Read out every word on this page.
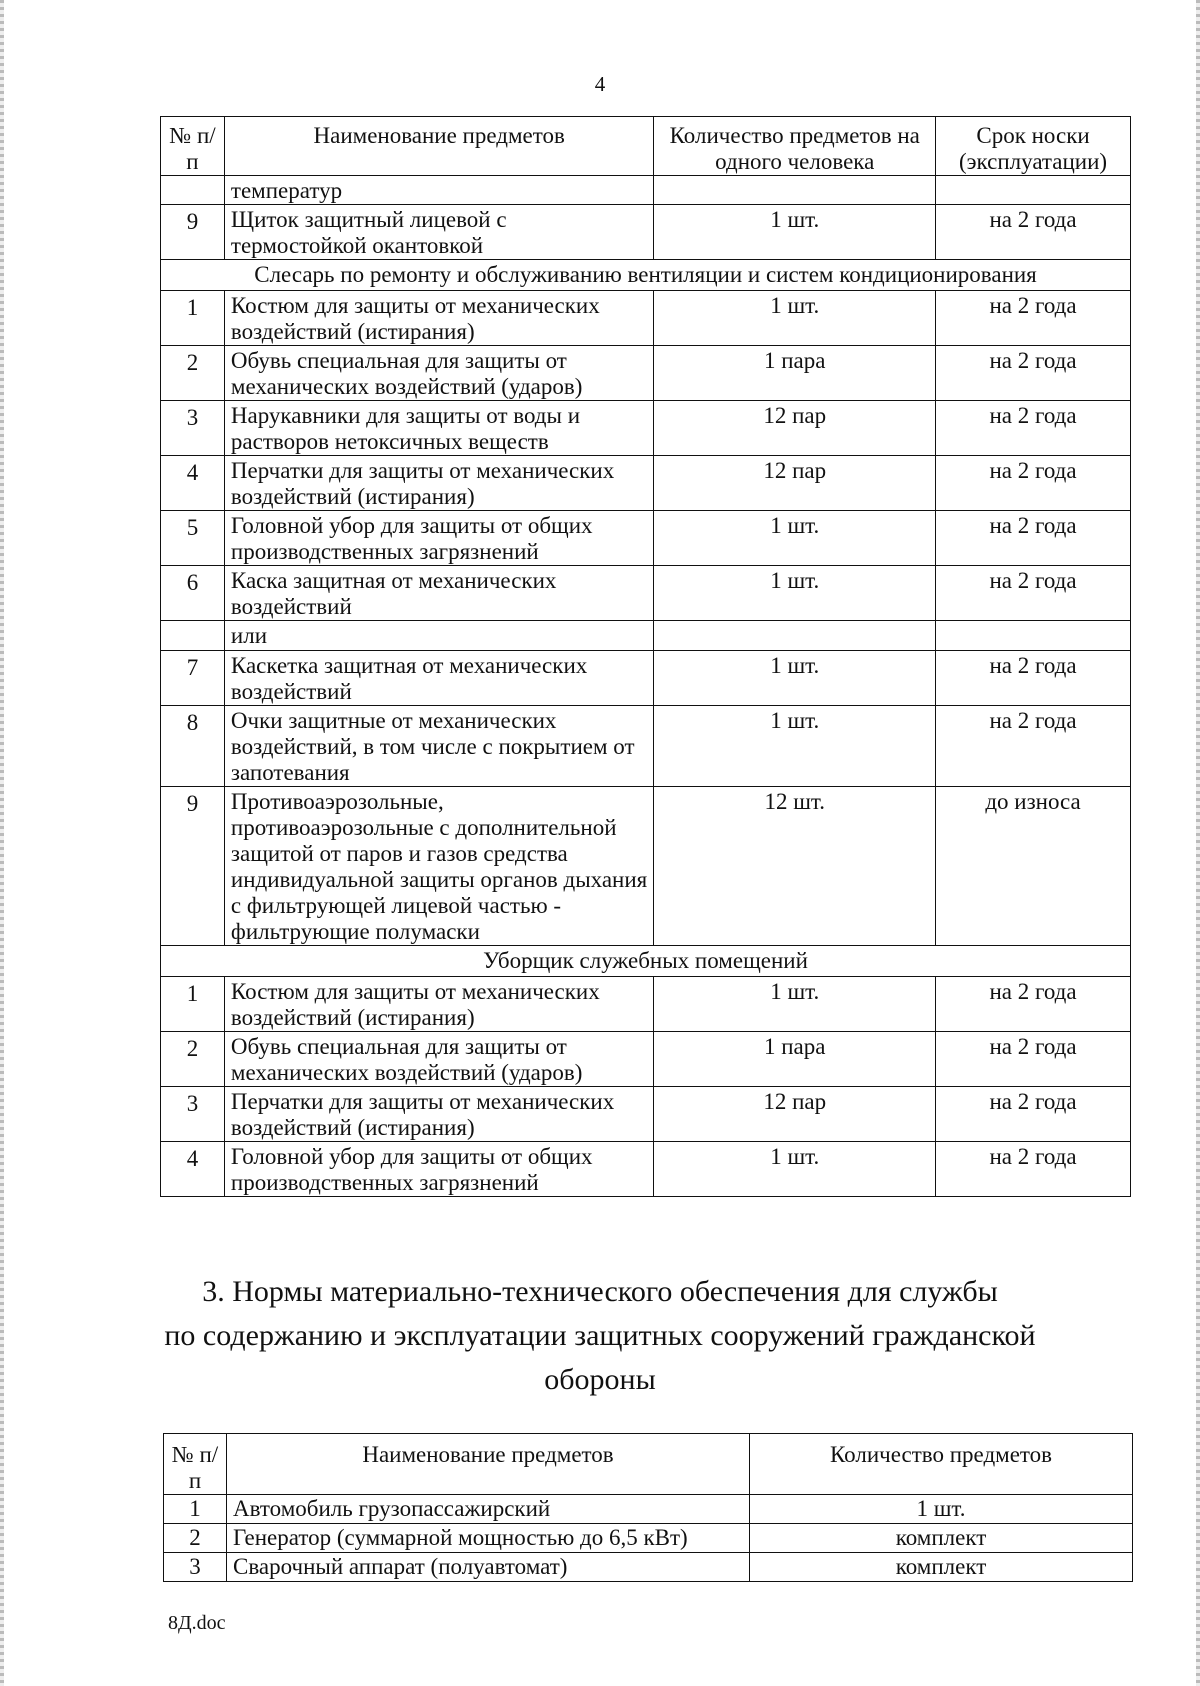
4
№ п/п	Наименование предметов	Количество предметов на одного человека	Срок носки (эксплуатации)
	температур		
9	Щиток защитный лицевой с термостойкой окантовкой	1 шт.	на 2 года
Слесарь по ремонту и обслуживанию вентиляции и систем кондиционирования			
1	Костюм для защиты от механических воздействий (истирания)	1 шт.	на 2 года
2	Обувь специальная для защиты от механических воздействий (ударов)	1 пара	на 2 года
3	Нарукавники для защиты от воды и растворов нетоксичных веществ	12 пар	на 2 года
4	Перчатки для защиты от механических воздействий (истирания)	12 пар	на 2 года
5	Головной убор для защиты от общих производственных загрязнений	1 шт.	на 2 года
6	Каска защитная от механических воздействий	1 шт.	на 2 года
	или		
7	Каскетка защитная от механических воздействий	1 шт.	на 2 года
8	Очки защитные от механических воздействий, в том числе с покрытием от запотевания	1 шт.	на 2 года
9	Противоаэрозольные, противоаэрозольные с дополнительной защитой от паров и газов средства индивидуальной защиты органов дыхания с фильтрующей лицевой частью - фильтрующие полумаски	12 шт.	до износа
Уборщик служебных помещений			
1	Костюм для защиты от механических воздействий (истирания)	1 шт.	на 2 года
2	Обувь специальная для защиты от механических воздействий (ударов)	1 пара	на 2 года
3	Перчатки для защиты от механических воздействий (истирания)	12 пар	на 2 года
4	Головной убор для защиты от общих производственных загрязнений	1 шт.	на 2 года
3. Нормы материально-технического обеспечения для службы
по содержанию и эксплуатации защитных сооружений гражданской
обороны
№ п/п	Наименование предметов	Количество предметов
1	Автомобиль грузопассажирский	1 шт.
2	Генератор (суммарной мощностью до 6,5 кВт)	комплект
3	Сварочный аппарат (полуавтомат)	комплект
8Д.doc
